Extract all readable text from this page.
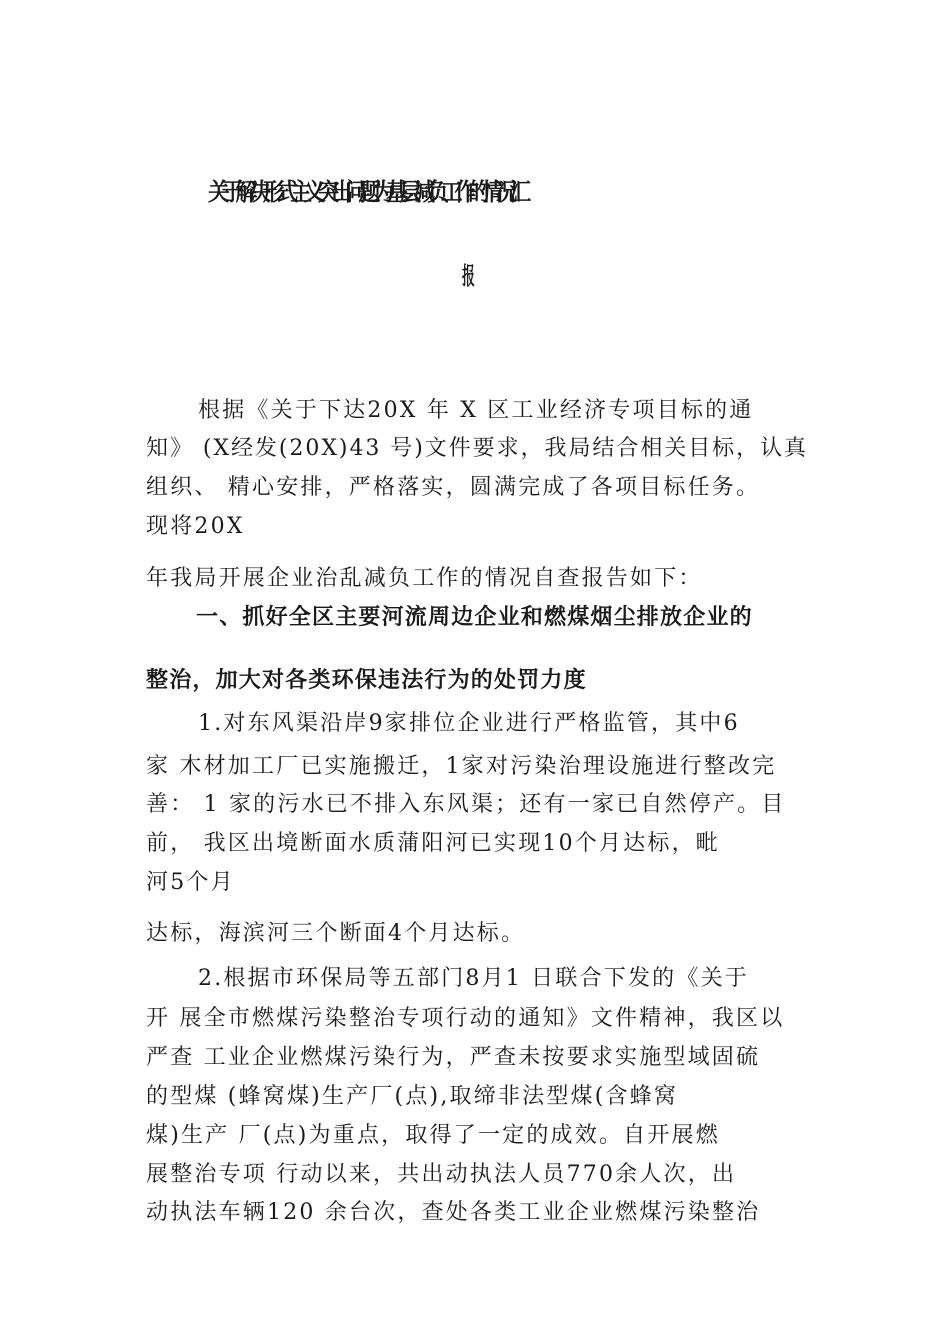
关于解决形式主义突出问题为基层减负工作的情况汇
报
根据《关于下达20X 年 X 区工业经济专项目标的通
知》 (X经发(20X)43 号)文件要求，我局结合相关目标，认真
组织、 精心安排，严格落实，圆满完成了各项目标任务。
现将20X
年我局开展企业治乱减负工作的情况自查报告如下：
一、抓好全区主要河流周边企业和燃煤烟尘排放企业的
整治，加大对各类环保违法行为的处罚力度
1.对东风渠沿岸9家排位企业进行严格监管，其中6
家 木材加工厂已实施搬迁，1家对污染治理设施进行整改完
善： 1 家的污水已不排入东风渠；还有一家已自然停产。目
前， 我区出境断面水质蒲阳河已实现10个月达标，毗
河5个月
达标，海滨河三个断面4个月达标。
2.根据市环保局等五部门8月1 日联合下发的《关于
开 展全市燃煤污染整治专项行动的通知》文件精神，我区以
严查 工业企业燃煤污染行为，严查未按要求实施型域固硫
的型煤 (蜂窝煤)生产厂(点),取缔非法型煤(含蜂窝
煤)生产 厂(点)为重点，取得了一定的成效。自开展燃
展整治专项 行动以来，共出动执法人员770余人次，出
动执法车辆120 余台次，查处各类工业企业燃煤污染整治
